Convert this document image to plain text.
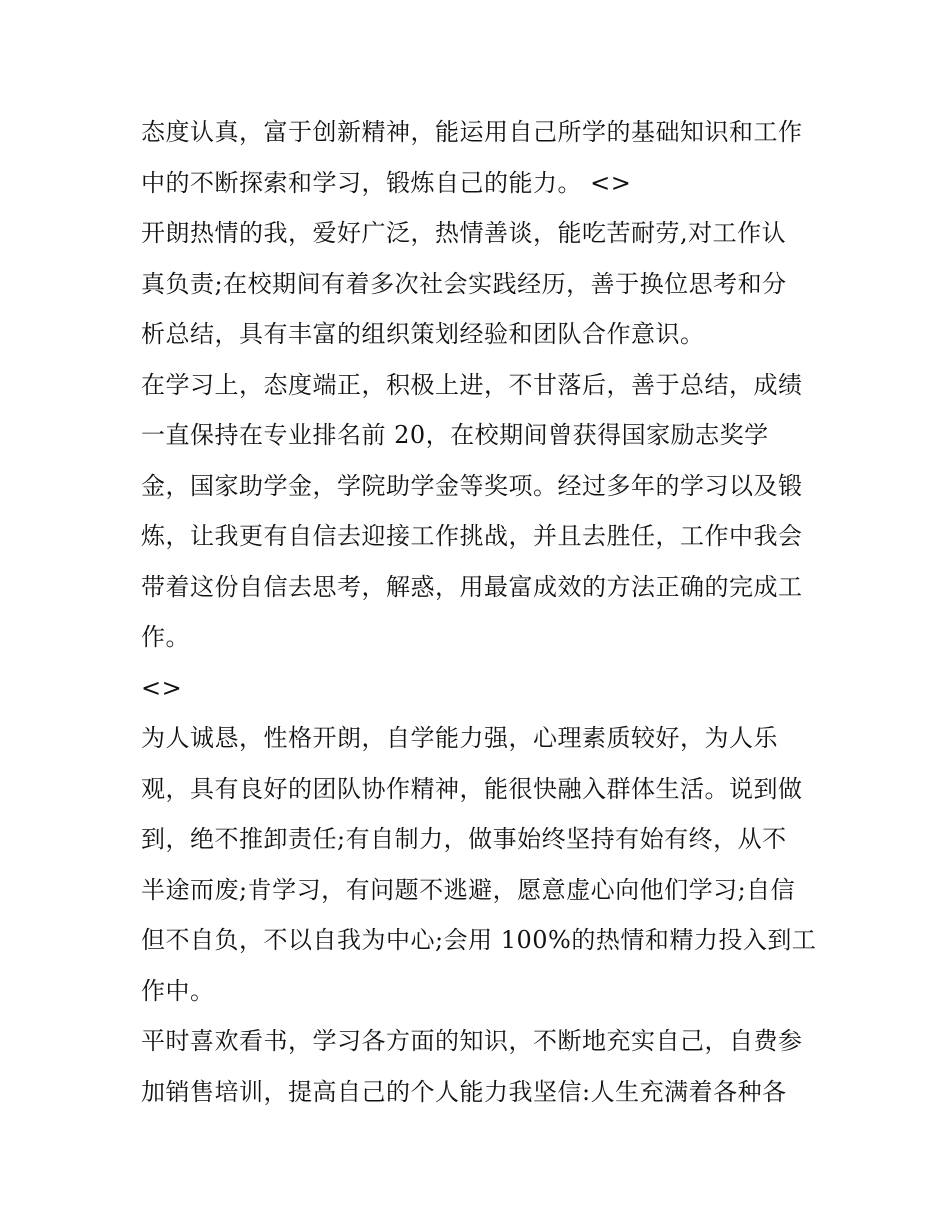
态度认真，富于创新精神，能运用自己所学的基础知识和工作
中的不断探索和学习，锻炼自己的能力。 <>
开朗热情的我，爱好广泛，热情善谈，能吃苦耐劳,对工作认
真负责;在校期间有着多次社会实践经历，善于换位思考和分
析总结，具有丰富的组织策划经验和团队合作意识。
在学习上，态度端正，积极上进，不甘落后，善于总结，成绩
一直保持在专业排名前 20，在校期间曾获得国家励志奖学
金，国家助学金，学院助学金等奖项。经过多年的学习以及锻
炼，让我更有自信去迎接工作挑战，并且去胜任，工作中我会
带着这份自信去思考，解惑，用最富成效的方法正确的完成工
作。
<>
为人诚恳，性格开朗，自学能力强，心理素质较好，为人乐
观，具有良好的团队协作精神，能很快融入群体生活。说到做
到，绝不推卸责任;有自制力，做事始终坚持有始有终，从不
半途而废;肯学习，有问题不逃避，愿意虚心向他们学习;自信
但不自负，不以自我为中心;会用 100%的热情和精力投入到工
作中。
平时喜欢看书，学习各方面的知识，不断地充实自己，自费参
加销售培训，提高自己的个人能力我坚信:人生充满着各种各
